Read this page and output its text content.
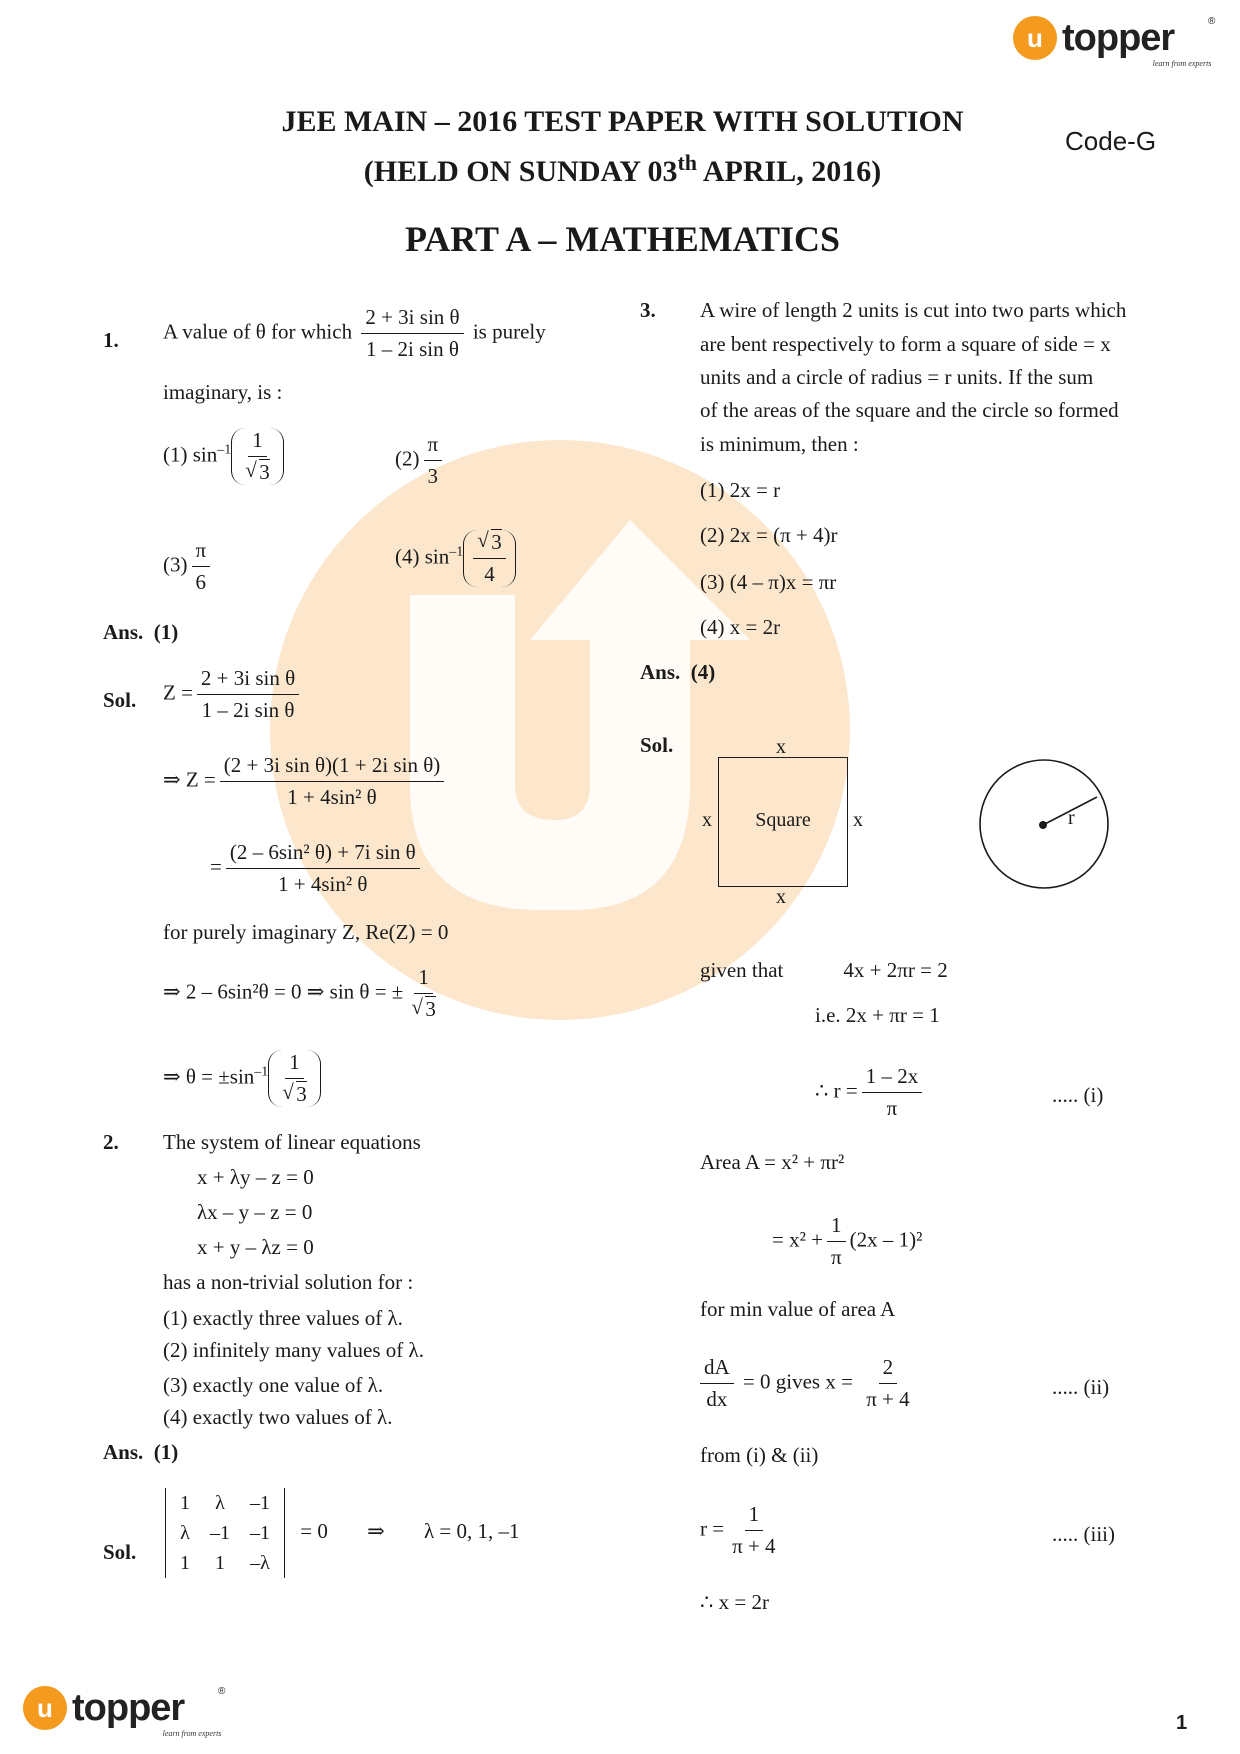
u topper	®
learn from experts
JEE MAIN – 2016 TEST PAPER WITH SOLUTION
(HELD ON SUNDAY 03th APRIL, 2016)
Code-G
PART A – MATHEMATICS
1. A value of θ for which $\frac{\text{2 + 3i sin θ}}{\text{1 – 2i sin θ}}$ is purely
imaginary, is :
(1) $\sin^{-1} 1$
√ 3	$(2) \frac{\pi}{3}$
$(3) \frac{\pi}{6}$	(4) $\sin^{-1}$ √ $\frac{3}{4}$
Ans. (1)
Sol. $Z = \frac{\text{2 + 3i sin θ}}{\text{1 – 2i sin θ}}$
⇒ $Z = \frac{\text{(2 + 3i sin θ)(1 + 2i sin θ)}}{\text{1 + 4sin² θ}}$
= $\frac{\text{(2 – 6sin² θ) + 7i sin θ}}{\text{1 + 4sin² θ}}$
for purely imaginary Z, Re(Z) = 0
⇒ 2 – 6sin²θ = 0 ⇒ sin θ = ± 1
√ 3
⇒ $\theta = \pm\sin^{-1}$ 1
√ 3
2. The system of linear equations
x + λy – z = 0
λx – y – z = 0
x + y – λz = 0
has a non-trivial solution for :
(1) exactly three values of λ.
(2) infinitely many values of λ.
(3) exactly one value of λ.
(4) exactly two values of λ.
Ans. (1)
Sol.
1	λ	–1
λ	–1	–1
1	1	–λ
= 0 ⇒ λ = 0, 1, –1
3. A wire of length 2 units is cut into two parts which
are bent respectively to form a square of side = x
units and a circle of radius = r units. If the sum
of the areas of the square and the circle so formed
is minimum, then :
(1) 2x = r
(2) 2x = (π + 4)r
(3) (4 – π)x = πr
(4) x = 2r
Ans. (4)
Sol.
Square
x
x
x	x	r
given that	4x + 2πr = 2
i.e. 2x + πr = 1
∴ $r = \frac{1 - 2x}{\pi}$	..... (i)
Area A = x² + πr²
= $x^2 + \frac{1}{\pi} (2x - 1)^2$
for min value of area A
$\frac{dA}{dx} = 0$ gives $x = \frac{2}{\pi + 4}$	..... (ii)
from (i) & (ii)
$r = \frac{1}{\pi + 4}$	..... (iii)
∴ x = 2r
u topper	®
learn from experts	1
